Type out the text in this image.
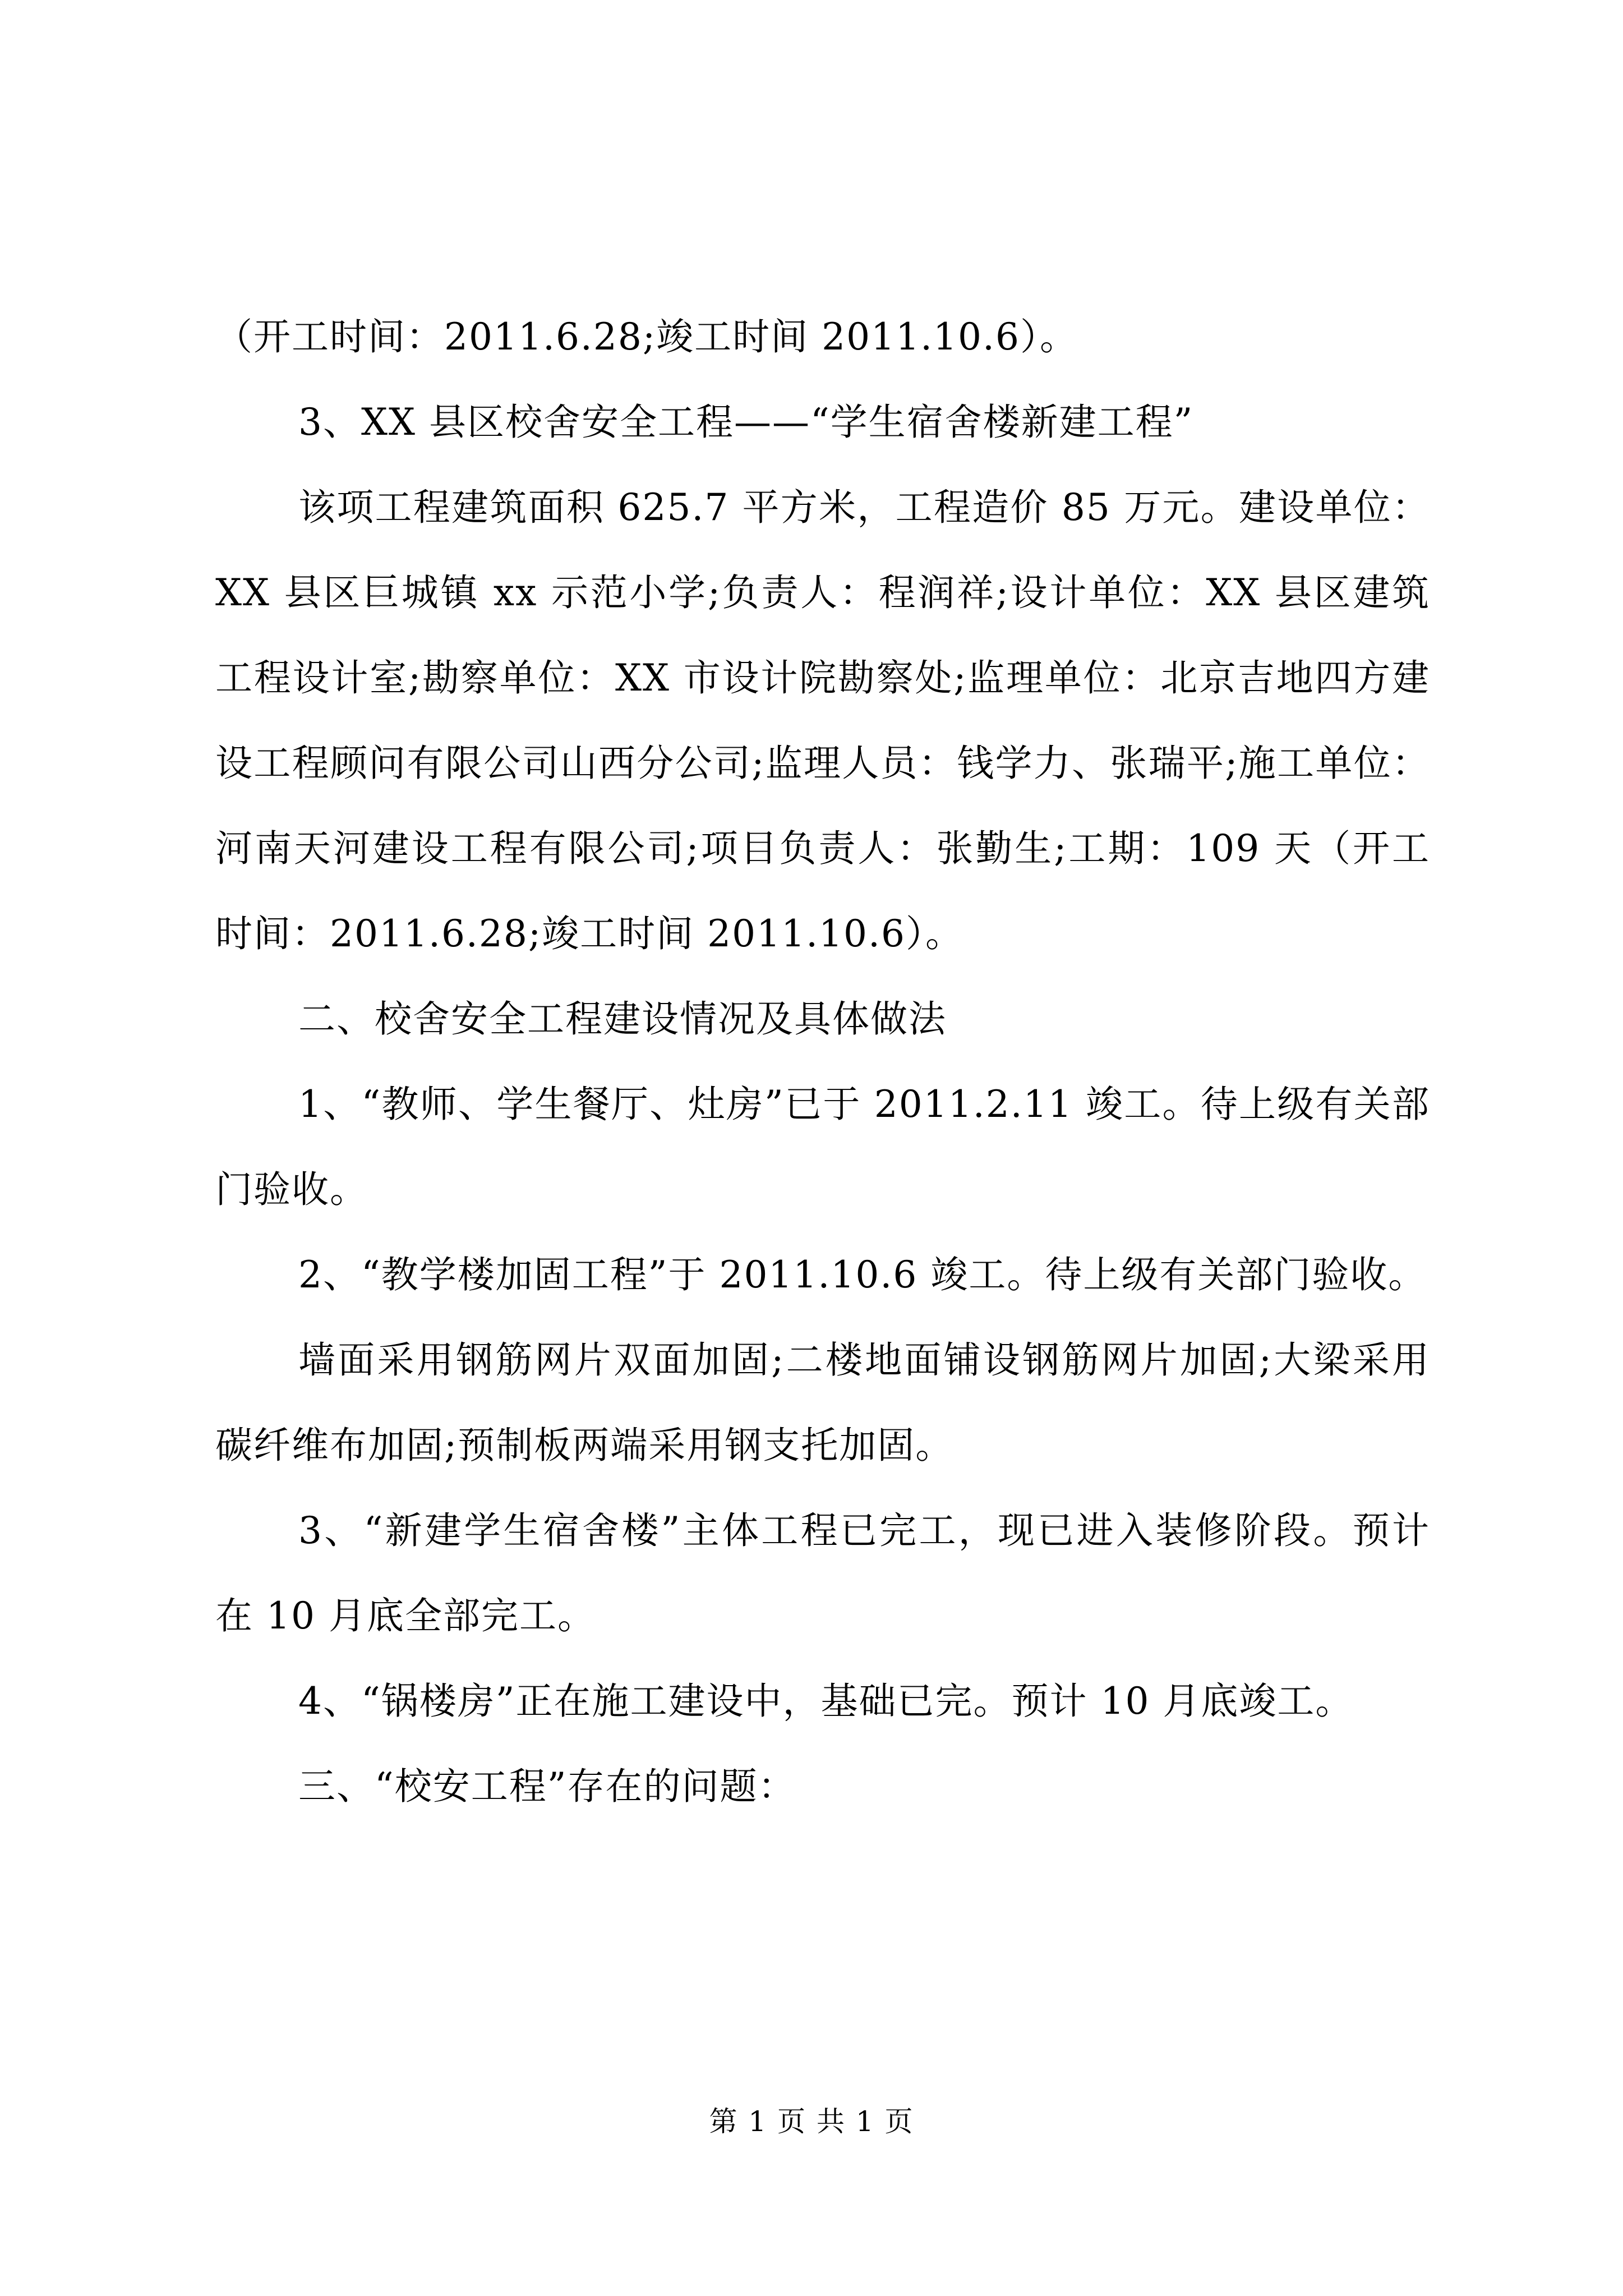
（开工时间：2011.6.28;竣工时间 2011.10.6）。

3、XX 县区校舍安全工程——“学生宿舍楼新建工程”

该项工程建筑面积 625.7 平方米，工程造价 85 万元。建设单位：XX 县区巨城镇 xx 示范小学;负责人：程润祥;设计单位：XX 县区建筑工程设计室;勘察单位：XX 市设计院勘察处;监理单位：北京吉地四方建设工程顾问有限公司山西分公司;监理人员：钱学力、张瑞平;施工单位：河南天河建设工程有限公司;项目负责人：张勤生;工期：109 天（开工时间：2011.6.28;竣工时间 2011.10.6）。

二、校舍安全工程建设情况及具体做法

1、“教师、学生餐厅、灶房”已于 2011.2.11 竣工。待上级有关部门验收。

2、“教学楼加固工程”于 2011.10.6 竣工。待上级有关部门验收。

墙面采用钢筋网片双面加固;二楼地面铺设钢筋网片加固;大梁采用碳纤维布加固;预制板两端采用钢支托加固。

3、“新建学生宿舍楼”主体工程已完工，现已进入装修阶段。预计在 10 月底全部完工。

4、“锅楼房”正在施工建设中，基础已完。预计 10 月底竣工。

三、“校安工程”存在的问题：

第 1 页 共 1 页
